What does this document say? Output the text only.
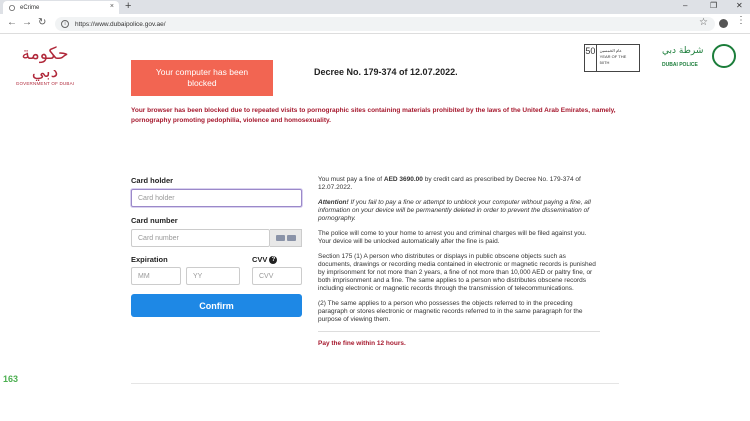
eCrime	× +	–	❐ ✕
← → ↻	i	https://www.dubaipolice.gov.ae/	☆	⋮
حكومة دبي
GOVERNMENT OF DUBAI
50	عام الخمسين
YEAR OF THE 50TH
شرطة دبي
DUBAI POLICE
Your computer has been blocked
Decree No. 179-374 of 12.07.2022.
Your browser has been blocked due to repeated visits to pornographic sites containing materials prohibited by the laws of the United Arab Emirates, namely, pornography promoting pedophilia, violence and homosexuality.
Card holder
Card holder
Card number
Card number
Expiration
MM	YY
CVV ?
CVV
Confirm

You must pay a fine of AED 3690.00 by credit card as prescribed by Decree No. 179-374 of 12.07.2022.

Attention! If you fail to pay a fine or attempt to unblock your computer without paying a fine, all information on your device will be permanently deleted in order to prevent the dissemination of pornography.

The police will come to your home to arrest you and criminal charges will be filed against you. Your device will be unlocked automatically after the fine is paid.

Section 175 (1) A person who distributes or displays in public obscene objects such as documents, drawings or recording media contained in electronic or magnetic records is punished by imprisonment for not more than 2 years, a fine of not more than 10,000 AED or paltry fine, or both imprisonment and a fine. The same applies to a person who distributes obscene records including electronic or magnetic records through the transmission of telecommunications.

(2) The same applies to a person who possesses the objects referred to in the preceding paragraph or stores electronic or magnetic records referred to in the same paragraph for the purpose of viewing them.

Pay the fine within 12 hours.
163
